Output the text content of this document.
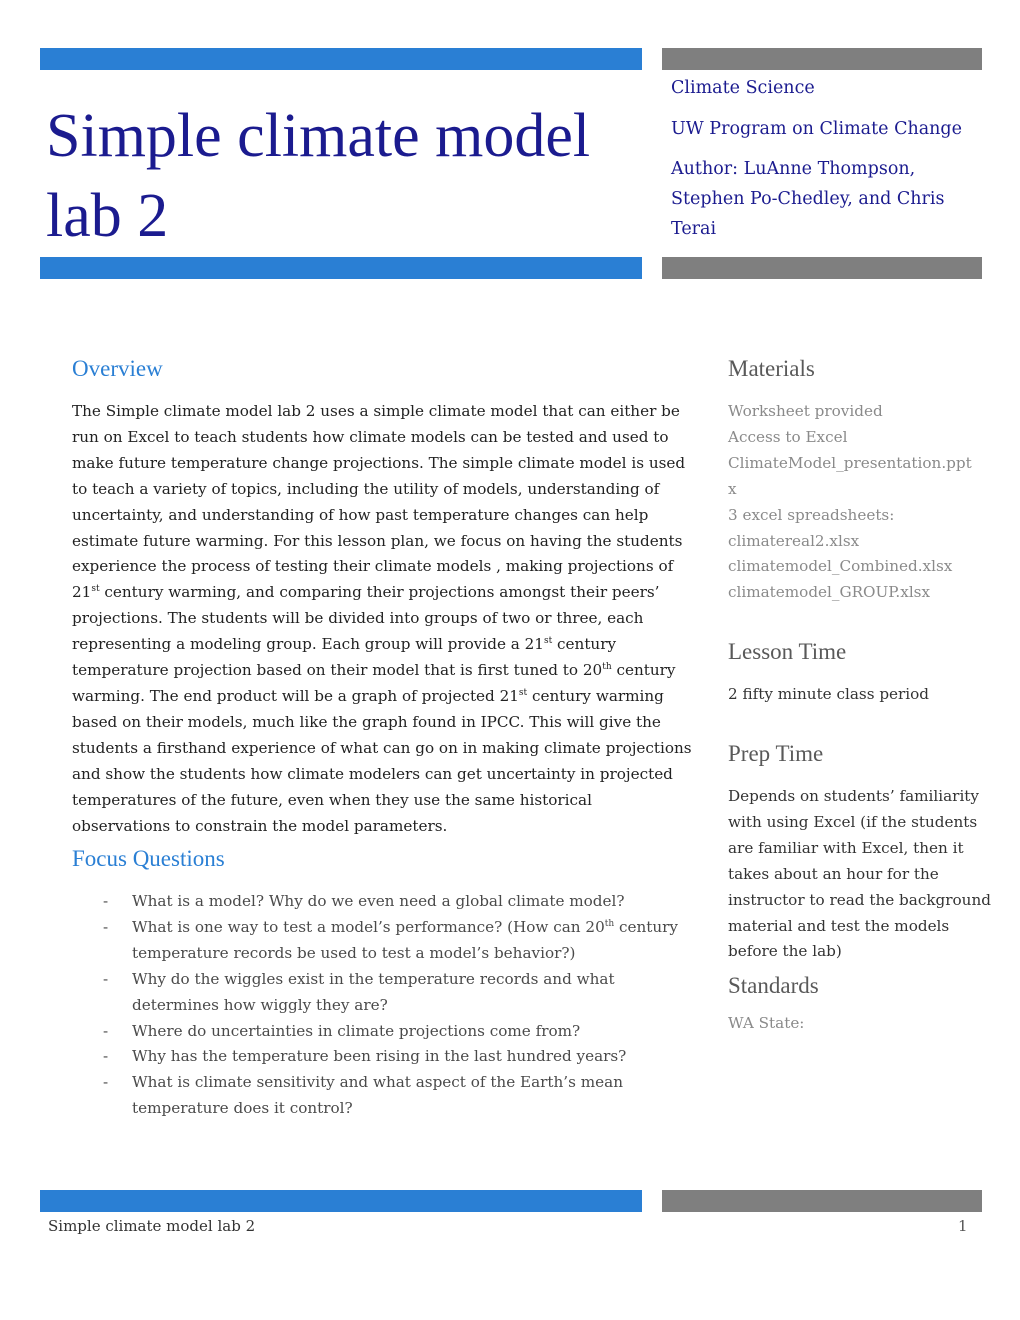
Simple climate model
lab 2
Climate Science
UW Program on Climate Change
Author: LuAnne Thompson,
Stephen Po-Chedley, and Chris
Terai
Overview
The Simple climate model lab 2 uses a simple climate model that can either be run on Excel to teach students how climate models can be tested and used to make future temperature change projections. The simple climate model is used to teach a variety of topics, including the utility of models, understanding of uncertainty, and understanding of how past temperature changes can help estimate future warming. For this lesson plan, we focus on having the students experience the process of testing their climate models , making projections of 21st century warming, and comparing their projections amongst their peers’ projections. The students will be divided into groups of two or three, each representing a modeling group. Each group will provide a 21st century temperature projection based on their model that is first tuned to 20th century warming. The end product will be a graph of projected 21st century warming based on their models, much like the graph found in IPCC. This will give the students a firsthand experience of what can go on in making climate projections and show the students how climate modelers can get uncertainty in projected temperatures of the future, even when they use the same historical observations to constrain the model parameters.
Focus Questions
- What is a model? Why do we even need a global climate model?
- What is one way to test a model’s performance? (How can 20th century temperature records be used to test a model’s behavior?)
- Why do the wiggles exist in the temperature records and what determines how wiggly they are?
- Where do uncertainties in climate projections come from?
- Why has the temperature been rising in the last hundred years?
- What is climate sensitivity and what aspect of the Earth’s mean temperature does it control?
Materials
Worksheet provided
Access to Excel
ClimateModel_presentation.ppt
x
3 excel spreadsheets:
climatereal2.xlsx
climatemodel_Combined.xlsx
climatemodel_GROUP.xlsx
Lesson Time
2 fifty minute class period
Prep Time
Depends on students’ familiarity with using Excel (if the students are familiar with Excel, then it takes about an hour for the instructor to read the background material and test the models before the lab)
Standards
WA State:
Simple climate model lab 2	1
